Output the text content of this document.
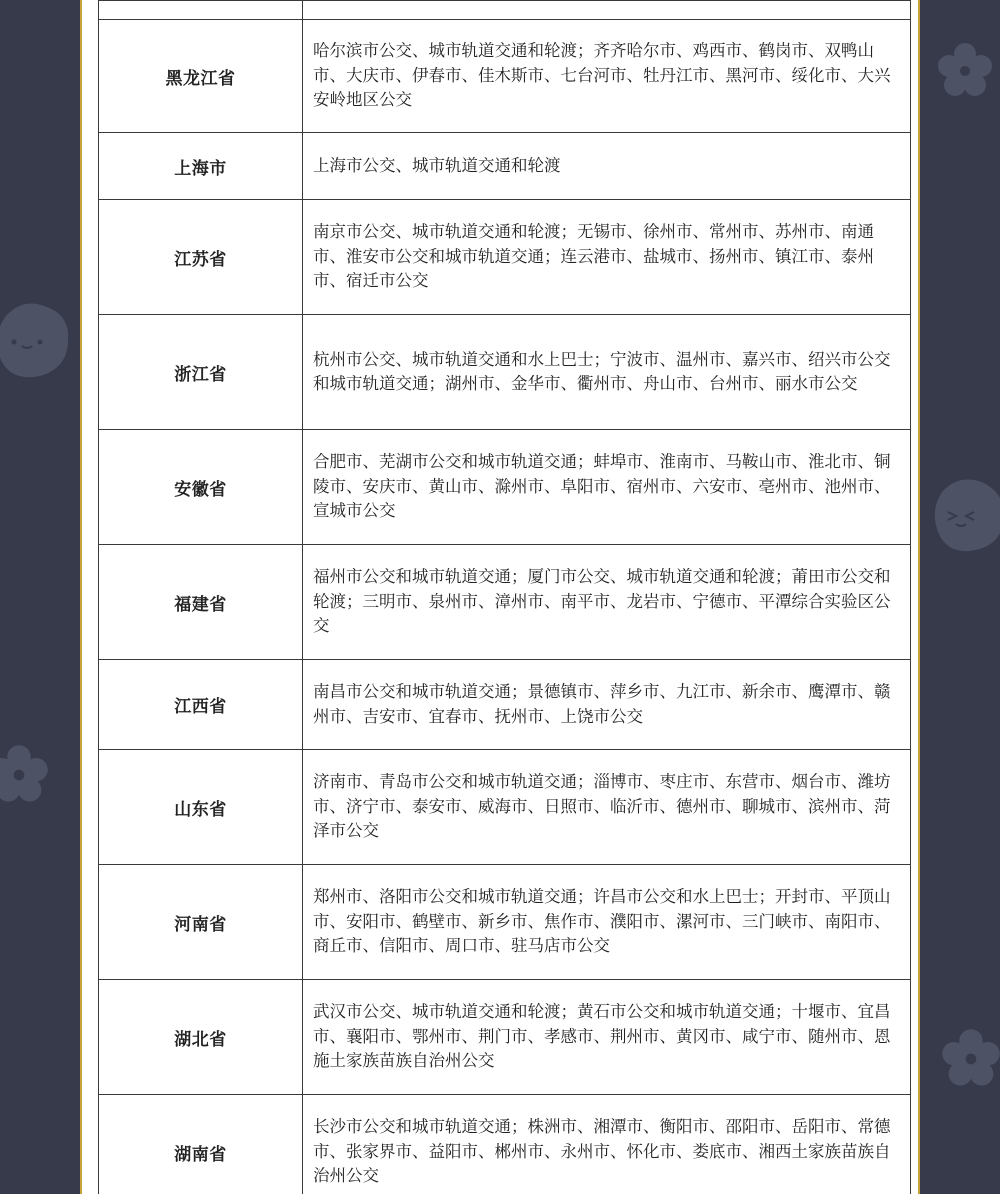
黑龙江省	哈尔滨市公交、城市轨道交通和轮渡；齐齐哈尔市、鸡西市、鹤岗市、双鸭山市、大庆市、伊春市、佳木斯市、七台河市、牡丹江市、黑河市、绥化市、大兴安岭地区公交
上海市	上海市公交、城市轨道交通和轮渡
江苏省	南京市公交、城市轨道交通和轮渡；无锡市、徐州市、常州市、苏州市、南通市、淮安市公交和城市轨道交通；连云港市、盐城市、扬州市、镇江市、泰州市、宿迁市公交
浙江省	杭州市公交、城市轨道交通和水上巴士；宁波市、温州市、嘉兴市、绍兴市公交和城市轨道交通；湖州市、金华市、衢州市、舟山市、台州市、丽水市公交
安徽省	合肥市、芜湖市公交和城市轨道交通；蚌埠市、淮南市、马鞍山市、淮北市、铜陵市、安庆市、黄山市、滁州市、阜阳市、宿州市、六安市、亳州市、池州市、宣城市公交
福建省	福州市公交和城市轨道交通；厦门市公交、城市轨道交通和轮渡；莆田市公交和轮渡；三明市、泉州市、漳州市、南平市、龙岩市、宁德市、平潭综合实验区公交
江西省	南昌市公交和城市轨道交通；景德镇市、萍乡市、九江市、新余市、鹰潭市、赣州市、吉安市、宜春市、抚州市、上饶市公交
山东省	济南市、青岛市公交和城市轨道交通；淄博市、枣庄市、东营市、烟台市、潍坊市、济宁市、泰安市、威海市、日照市、临沂市、德州市、聊城市、滨州市、菏泽市公交
河南省	郑州市、洛阳市公交和城市轨道交通；许昌市公交和水上巴士；开封市、平顶山市、安阳市、鹤壁市、新乡市、焦作市、濮阳市、漯河市、三门峡市、南阳市、商丘市、信阳市、周口市、驻马店市公交
湖北省	武汉市公交、城市轨道交通和轮渡；黄石市公交和城市轨道交通；十堰市、宜昌市、襄阳市、鄂州市、荆门市、孝感市、荆州市、黄冈市、咸宁市、随州市、恩施土家族苗族自治州公交
湖南省	长沙市公交和城市轨道交通；株洲市、湘潭市、衡阳市、邵阳市、岳阳市、常德市、张家界市、益阳市、郴州市、永州市、怀化市、娄底市、湘西土家族苗族自治州公交
